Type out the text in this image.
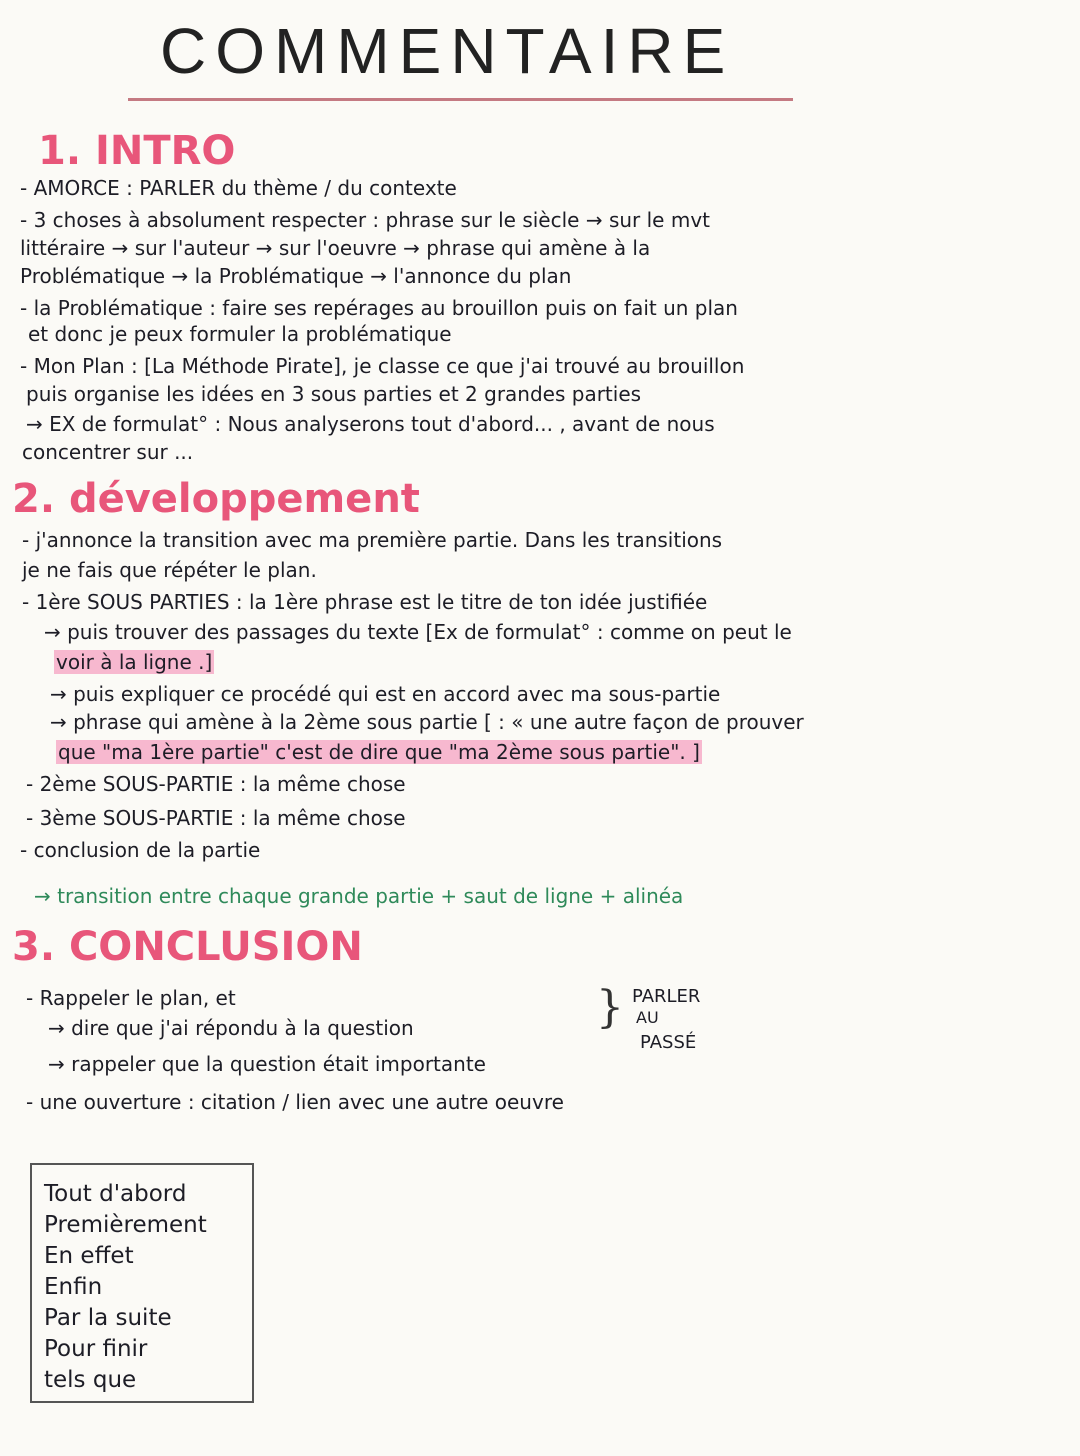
COMMENTAIRE
1. INTRO
- AMORCE : PARLER du thème / du contexte
- 3 choses à absolument respecter : phrase sur le siècle → sur le mvt
littéraire → sur l'auteur → sur l'oeuvre → phrase qui amène à la
Problématique → la Problématique → l'annonce du plan
- la Problématique : faire ses repérages au brouillon puis on fait un plan
et donc je peux formuler la problématique
- Mon Plan : [La Méthode Pirate], je classe ce que j'ai trouvé au brouillon
puis organise les idées en 3 sous parties et 2 grandes parties
→ EX de formulat° : Nous analyserons tout d'abord... , avant de nous
concentrer sur ...
2. développement
- j'annonce la transition avec ma première partie. Dans les transitions
je ne fais que répéter le plan.
- 1ère SOUS PARTIES : la 1ère phrase est le titre de ton idée justifiée
→ puis trouver des passages du texte [Ex de formulat° : comme on peut le
voir à la ligne .]
→ puis expliquer ce procédé qui est en accord avec ma sous-partie
→ phrase qui amène à la 2ème sous partie [ : « une autre façon de prouver
que "ma 1ère partie" c'est de dire que "ma 2ème sous partie". ]
- 2ème SOUS-PARTIE : la même chose
- 3ème SOUS-PARTIE : la même chose
- conclusion de la partie
→ transition entre chaque grande partie + saut de ligne + alinéa
3. CONCLUSION
- Rappeler le plan, et
→ dire que j'ai répondu à la question
→ rappeler que la question était importante
- une ouverture : citation / lien avec une autre oeuvre
} PARLER
AU
PASSÉ
Tout d'abord
Premièrement
En effet
Enfin
Par la suite
Pour finir
tels que
